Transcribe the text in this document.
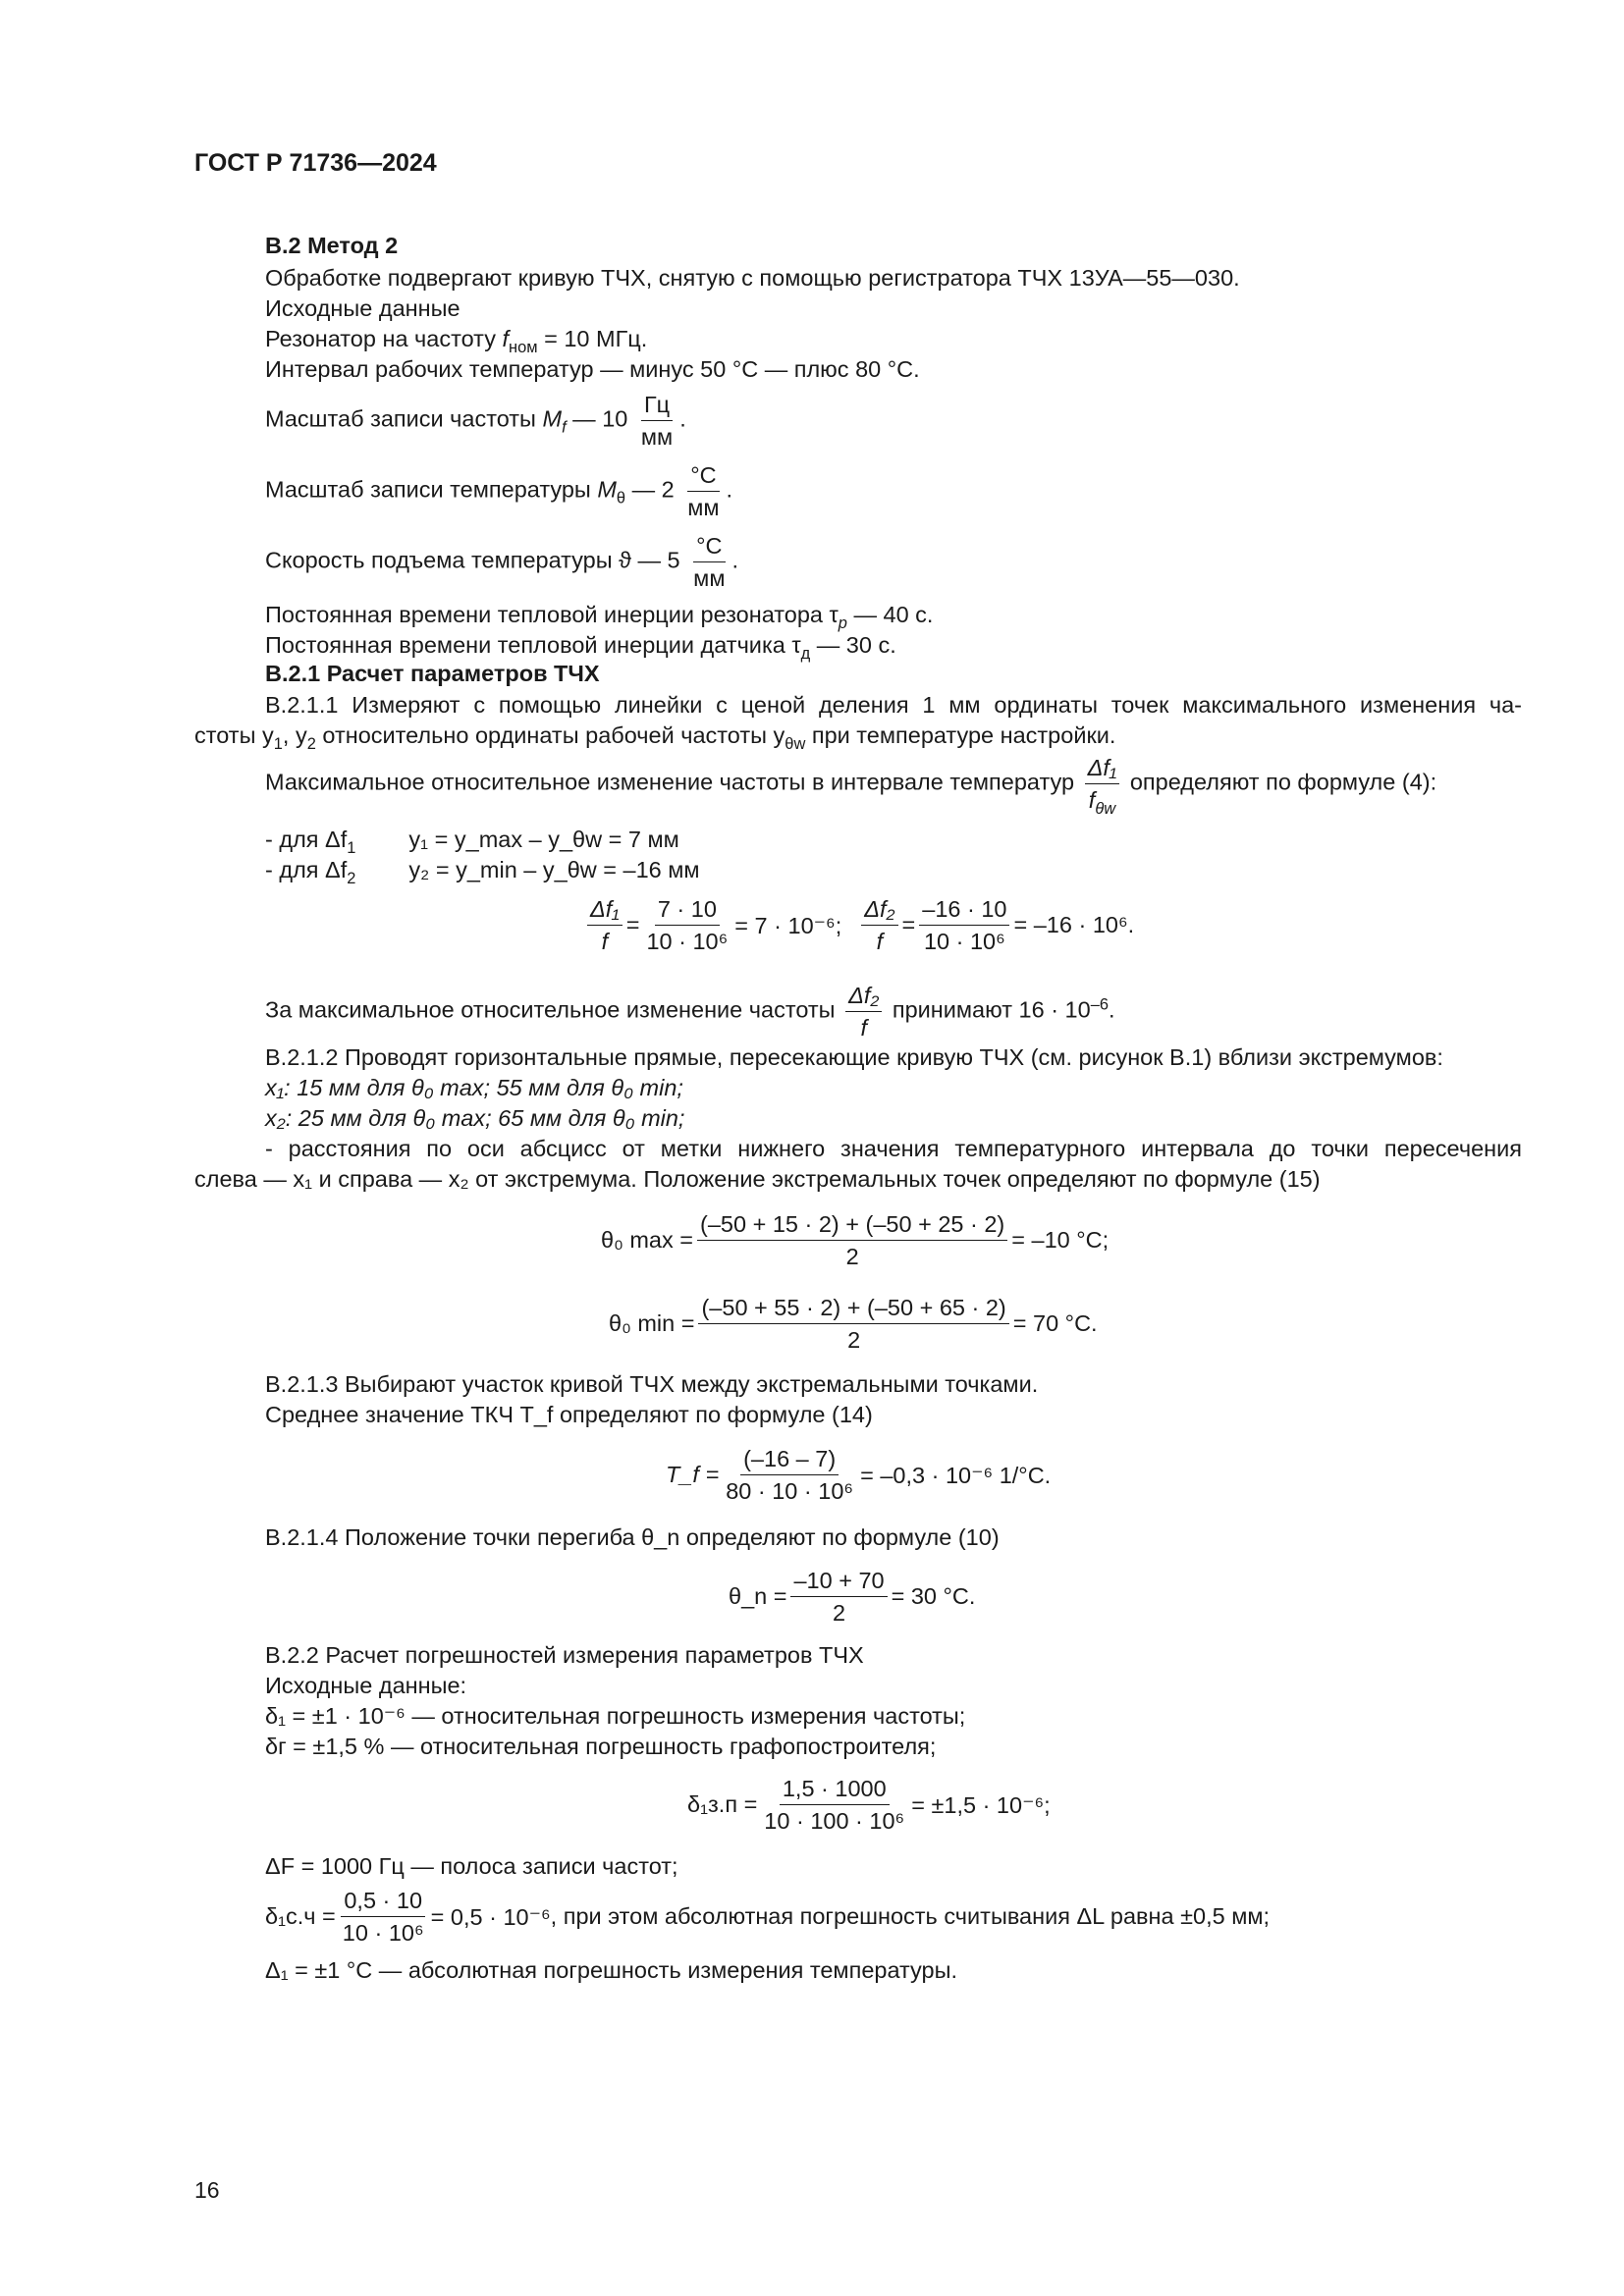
ГОСТ Р 71736—2024
В.2 Метод 2
Обработке подвергают кривую ТЧХ, снятую с помощью регистратора ТЧХ 13УА—55—030.
Исходные данные
Резонатор на частоту $f_{ном} = 10$ МГц.
Интервал рабочих температур — минус 50 °С — плюс 80 °С.
Масштаб записи частоты $M_f$ — $10 \frac{Гц}{мм}$ .
Масштаб записи температуры $M_\theta$ — $2 \frac{^\circ С}{мм}$ .
Скорость подъема температуры ϑ — $5 \frac{^\circ С}{мм}$ .
Постоянная времени тепловой инерции резонатора $\tau_р$ — 40 с.
Постоянная времени тепловой инерции датчика $\tau_д$ — 30 с.
В.2.1 Расчет параметров ТЧХ
В.2.1.1 Измеряют с помощью линейки с ценой деления 1 мм ординаты точек максимального изменения ча-
стоты $y_1$, $y_2$ относительно ординаты рабочей частоты $y_{\theta w}$ при температуре настройки.
Максимальное относительное изменение частоты в интервале температур $\frac{\text{Δf₁}}{f_{\theta w}}$ определяют по формуле (4):
- для $\Delta f_1$ y₁ = y_max – y_θw = 7 мм
- для $\Delta f_2$ y₂ = y_min – y_θw = –16 мм
$\frac{\text{Δf₁}}{f} = \frac{7 \cdot 10}{\text{10 · 10⁶}} = 7 \cdot 10^{-6}$; $\frac{\text{Δf₂}}{f} = \frac{-16 \cdot 10}{\text{10 · 10⁶}} = -16 \cdot 10^6$.
За максимальное относительное изменение частоты $\frac{\text{Δf₂}}{f}$ принимают $16 \cdot 10^{-6}$.
В.2.1.2 Проводят горизонтальные прямые, пересекающие кривую ТЧХ (см. рисунок В.1) вблизи экстремумов:
x₁: 15 мм для θ₀ max; 55 мм для θ₀ min;
x₂: 25 мм для θ₀ max; 65 мм для θ₀ min;
- расстояния по оси абсцисс от метки нижнего значения температурного интервала до точки пересечения
слева — x₁ и справа — x₂ от экстремума. Положение экстремальных точек определяют по формуле (15)
θ₀ $\max = \frac{(-50 + 15 \cdot 2) + (-50 + 25 \cdot 2)}{2} = -10$ °С;
θ₀ $\min = \frac{(-50 + 55 \cdot 2) + (-50 + 65 \cdot 2)}{2} = 70$ °С.
В.2.1.3 Выбирают участок кривой ТЧХ между экстремальными точками.
Среднее значение ТКЧ T_f определяют по формуле (14)
T_f = $\frac{(-16 - 7)}{\text{80 · 10 · 10⁶}} = -0,3 \cdot 10^{-6}$ 1/°С.
В.2.1.4 Положение точки перегиба θ_n определяют по формуле (10)
θ_n = $\frac{-10 + 70}{2} = 30$ °С.
В.2.2 Расчет погрешностей измерения параметров ТЧХ
Исходные данные:
δ₁ = ±1 · 10⁻⁶ — относительная погрешность измерения частоты;
δг = ±1,5 % — относительная погрешность графопостроителя;
$\delta_1з.п = \frac{1,5 \cdot 1000}{\text{10 · 100 · 10⁶}} = \pm 1,5 \cdot 10^{-6}$;
ΔF = 1000 Гц — полоса записи частот;
$\delta_1с.ч = \frac{0,5 \cdot 10}{\text{10 · 10⁶}} = 0,5 \cdot 10^{-6}$ , при этом абсолютная погрешность считывания ΔL равна ±0,5 мм;
Δ₁ = ±1 °С — абсолютная погрешность измерения температуры.
16
